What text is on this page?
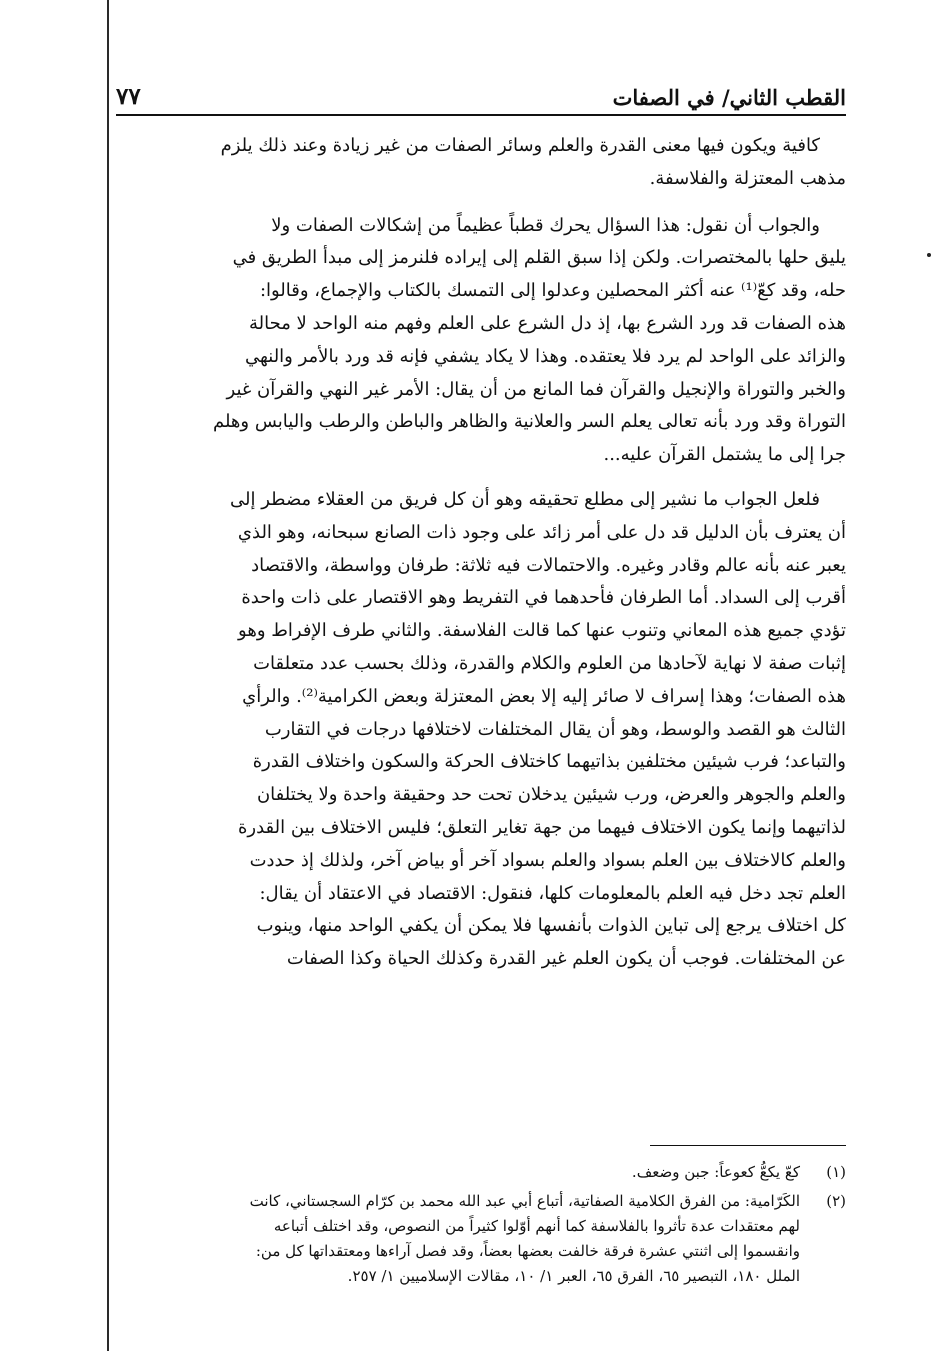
القطب الثاني/ في الصفات
٧٧

كافية ويكون فيها معنى القدرة والعلم وسائر الصفات من غير زيادة وعند ذلك يلزم
مذهب المعتزلة والفلاسفة.

والجواب أن نقول: هذا السؤال يحرك قطباً عظيماً من إشكالات الصفات ولا
يليق حلها بالمختصرات. ولكن إذا سبق القلم إلى إيراده فلنرمز إلى مبدأ الطريق في
حله، وقد كعّ⁽¹⁾ عنه أكثر المحصلين وعدلوا إلى التمسك بالكتاب والإجماع، وقالوا:
هذه الصفات قد ورد الشرع بها، إذ دل الشرع على العلم وفهم منه الواحد لا محالة
والزائد على الواحد لم يرد فلا يعتقده. وهذا لا يكاد يشفي فإنه قد ورد بالأمر والنهي
والخبر والتوراة والإنجيل والقرآن فما المانع من أن يقال: الأمر غير النهي والقرآن غير
التوراة وقد ورد بأنه تعالى يعلم السر والعلانية والظاهر والباطن والرطب واليابس وهلم
جرا إلى ما يشتمل القرآن عليه...

فلعل الجواب ما نشير إلى مطلع تحقيقه وهو أن كل فريق من العقلاء مضطر إلى
أن يعترف بأن الدليل قد دل على أمر زائد على وجود ذات الصانع سبحانه، وهو الذي
يعبر عنه بأنه عالم وقادر وغيره. والاحتمالات فيه ثلاثة: طرفان وواسطة، والاقتصاد
أقرب إلى السداد. أما الطرفان فأحدهما في التفريط وهو الاقتصار على ذات واحدة
تؤدي جميع هذه المعاني وتنوب عنها كما قالت الفلاسفة. والثاني طرف الإفراط وهو
إثبات صفة لا نهاية لآحادها من العلوم والكلام والقدرة، وذلك بحسب عدد متعلقات
هذه الصفات؛ وهذا إسراف لا صائر إليه إلا بعض المعتزلة وبعض الكرامية⁽²⁾. والرأي
الثالث هو القصد والوسط، وهو أن يقال المختلفات لاختلافها درجات في التقارب
والتباعد؛ فرب شيئين مختلفين بذاتيهما كاختلاف الحركة والسكون واختلاف القدرة
والعلم والجوهر والعرض، ورب شيئين يدخلان تحت حد وحقيقة واحدة ولا يختلفان
لذاتيهما وإنما يكون الاختلاف فيهما من جهة تغاير التعلق؛ فليس الاختلاف بين القدرة
والعلم كالاختلاف بين العلم بسواد والعلم بسواد آخر أو بياض آخر، ولذلك إذ حددت
العلم تجد دخل فيه العلم بالمعلومات كلها، فنقول: الاقتصاد في الاعتقاد أن يقال:
كل اختلاف يرجع إلى تباين الذوات بأنفسها فلا يمكن أن يكفي الواحد منها، وينوب
عن المختلفات. فوجب أن يكون العلم غير القدرة وكذلك الحياة وكذا الصفات

(١)
كعّ يكعُّ كعوعاً: جبن وضعف.
(٢)
الكَرّامية: من الفرق الكلامية الصفاتية، أتباع أبي عبد الله محمد بن كرّام السجستاني، كانت
لهم معتقدات عدة تأثروا بالفلاسفة كما أنهم أوّلوا كثيراً من النصوص، وقد اختلف أتباعه
وانقسموا إلى اثنتي عشرة فرقة خالفت بعضها بعضاً، وقد فصل آراءها ومعتقداتها كل من:
الملل ١٨٠، التبصير ٦٥، الفرق ٦٥، العبر ١/ ١٠، مقالات الإسلاميين ١/ ٢٥٧.
